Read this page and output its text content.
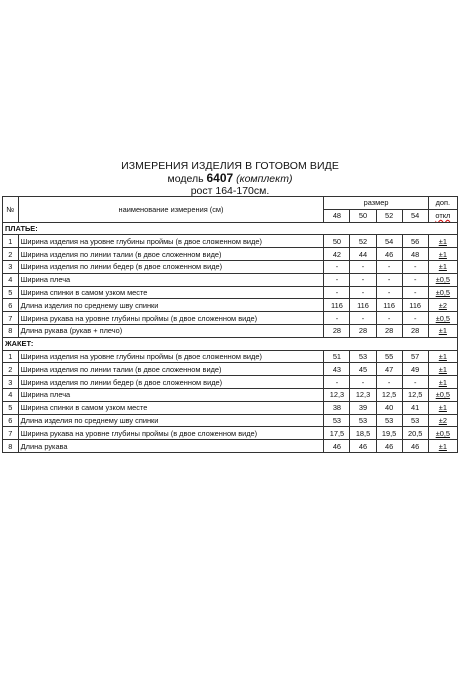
ИЗМЕРЕНИЯ ИЗДЕЛИЯ В ГОТОВОМ ВИДЕ
модель 6407 (комплект)
рост 164-170см.
№	наименование измерения (см)	размер				доп.
		48	50	52	54	откл
ПЛАТЬЕ:						
1	Ширина изделия на уровне глубины проймы (в двое сложенном виде)	50	52	54	56	±1
2	Ширина изделия по линии талии (в двое сложенном виде)	42	44	46	48	±1
3	Ширина изделия по линии бедер (в двое сложенном виде)	-	-	-	-	±1
4	Ширина плеча	-	-	-	-	±0,5
5	Ширина спинки в самом узком месте	-	-	-	-	±0,5
6	Длина изделия по среднему шву спинки	116	116	116	116	±2
7	Ширина рукава на уровне глубины проймы (в двое сложенном виде)	-	-	-	-	±0,5
8	Длина рукава (рукав + плечо)	28	28	28	28	±1
ЖАКЕТ:						
1	Ширина изделия на уровне глубины проймы (в двое сложенном виде)	51	53	55	57	±1
2	Ширина изделия по линии талии (в двое сложенном виде)	43	45	47	49	±1
3	Ширина изделия по линии бедер (в двое сложенном виде)	-	-	-	-	±1
4	Ширина плеча	12,3	12,3	12,5	12,5	±0,5
5	Ширина спинки в самом узком месте	38	39	40	41	±1
6	Длина изделия по среднему шву спинки	53	53	53	53	±2
7	Ширина рукава на уровне глубины проймы (в двое сложенном виде)	17,5	18,5	19,5	20,5	±0,5
8	Длина рукава	46	46	46	46	±1
